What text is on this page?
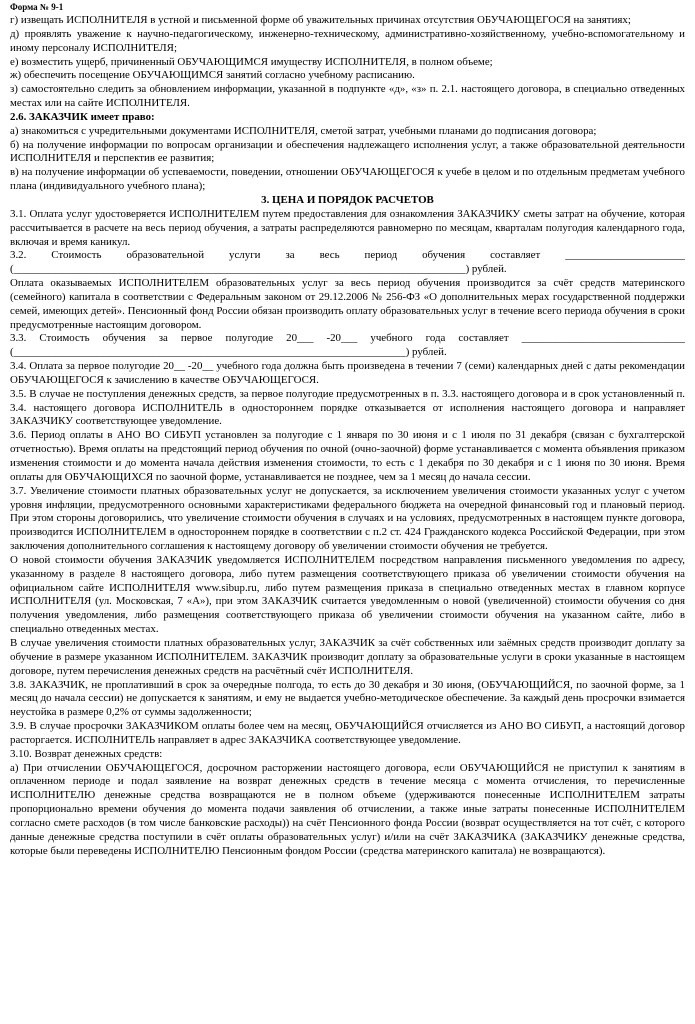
Форма № 9-1

г) извещать ИСПОЛНИТЕЛЯ в устной и письменной форме об уважительных причинах отсутствия ОБУЧАЮЩЕГОСЯ на занятиях;

д) проявлять уважение к научно-педагогическому, инженерно-техническому, административно-хозяйственному, учебно-вспомогательному и иному персоналу ИСПОЛНИТЕЛЯ;

е) возместить ущерб, причиненный ОБУЧАЮЩИМСЯ имуществу ИСПОЛНИТЕЛЯ, в полном объеме;

ж) обеспечить посещение ОБУЧАЮЩИМСЯ занятий согласно учебному расписанию.

з) самостоятельно следить за обновлением информации, указанной в подпункте «д», «з» п. 2.1. настоящего договора, в специально отведенных местах или на сайте ИСПОЛНИТЕЛЯ.

2.6. ЗАКАЗЧИК имеет право:

а) знакомиться с учредительными документами ИСПОЛНИТЕЛЯ, сметой затрат, учебными планами до подписания договора;

б) на получение информации по вопросам организации и обеспечения надлежащего исполнения услуг, а также образовательной деятельности ИСПОЛНИТЕЛЯ и перспектив ее развития;

в) на получение информации об успеваемости, поведении, отношении ОБУЧАЮЩЕГОСЯ к учебе в целом и по отдельным предметам учебного плана (индивидуального учебного плана);

3. ЦЕНА И ПОРЯДОК РАСЧЕТОВ

3.1. Оплата услуг удостоверяется ИСПОЛНИТЕЛЕМ путем предоставления для ознакомления ЗАКАЗЧИКУ сметы затрат на обучение, которая рассчитывается в расчете на весь период обучения, а затраты распределяются равномерно по месяцам, кварталам полугодия календарного года, включая и время каникул.

3.2. Стоимость образовательной услуги за весь период обучения составляет ______________________ (___________________________________________________________________________________) рублей.

Оплата оказываемых ИСПОЛНИТЕЛЕМ образовательных услуг за весь период обучения производится за счёт средств материнского (семейного) капитала в соответствии с Федеральным законом от 29.12.2006 № 256-ФЗ «О дополнительных мерах государственной поддержки семей, имеющих детей». Пенсионный фонд России обязан производить оплату образовательных услуг в течение всего периода обучения в сроки предусмотренные настоящим договором.

3.3. Стоимость обучения за первое полугодие 20___ -20___ учебного года составляет ______________________________ (________________________________________________________________________) рублей.

3.4. Оплата за первое полугодие 20__ -20__ учебного года должна быть произведена в течении 7 (семи) календарных дней с даты рекомендации ОБУЧАЮЩЕГОСЯ к зачислению в качестве ОБУЧАЮЩЕГОСЯ.

3.5. В случае не поступления денежных средств, за первое полугодие предусмотренных в п. 3.3. настоящего договора и в срок установленный п. 3.4. настоящего договора ИСПОЛНИТЕЛЬ в одностороннем порядке отказывается от исполнения настоящего договора и направляет ЗАКАЗЧИКУ соответствующее уведомление.

3.6. Период оплаты в АНО ВО СИБУП установлен за полугодие с 1 января по 30 июня и с 1 июля по 31 декабря (связан с бухгалтерской отчетностью). Время оплаты на предстоящий период обучения по очной (очно-заочной) форме устанавливается с момента объявления приказом изменения стоимости и до момента начала действия изменения стоимости, то есть с 1 декабря по 30 декабря и с 1 июня по 30 июня. Время оплаты для ОБУЧАЮЩИХСЯ по заочной форме, устанавливается не позднее, чем за 1 месяц до начала сессии.

3.7. Увеличение стоимости платных образовательных услуг не допускается, за исключением увеличения стоимости указанных услуг с учетом уровня инфляции, предусмотренного основными характеристиками федерального бюджета на очередной финансовый год и плановый период. При этом стороны договорились, что увеличение стоимости обучения в случаях и на условиях, предусмотренных в настоящем пункте договора, производится ИСПОЛНИТЕЛЕМ в одностороннем порядке в соответствии с п.2 ст. 424 Гражданского кодекса Российской Федерации, при этом заключения дополнительного соглашения к настоящему договору об увеличении стоимости обучения не требуется.

О новой стоимости обучения ЗАКАЗЧИК уведомляется ИСПОЛНИТЕЛЕМ посредством направления письменного уведомления по адресу, указанному в разделе 8 настоящего договора, либо путем размещения соответствующего приказа об увеличении стоимости обучения на официальном сайте ИСПОЛНИТЕЛЯ www.sibup.ru, либо путем размещения приказа в специально отведенных местах в главном корпусе ИСПОЛНИТЕЛЯ (ул. Московская, 7 «А»), при этом ЗАКАЗЧИК считается уведомленным о новой (увеличенной) стоимости обучения со дня получения уведомления, либо размещения соответствующего приказа об увеличении стоимости обучения на указанном сайте, либо в специально отведенных местах.

В случае увеличения стоимости платных образовательных услуг, ЗАКАЗЧИК за счёт собственных или заёмных средств производит доплату за обучение в размере указанном ИСПОЛНИТЕЛЕМ. ЗАКАЗЧИК производит доплату за образовательные услуги в сроки указанные в настоящем договоре, путем перечисления денежных средств на расчётный счёт ИСПОЛНИТЕЛЯ.

3.8. ЗАКАЗЧИК, не проплативший в срок за очередные полгода, то есть до 30 декабря и 30 июня, (ОБУЧАЮЩИЙСЯ, по заочной форме, за 1 месяц до начала сессии) не допускается к занятиям, и ему не выдается учебно-методическое обеспечение. За каждый день просрочки взимается неустойка в размере 0,2% от суммы задолженности;

3.9. В случае просрочки ЗАКАЗЧИКОМ оплаты более чем на месяц, ОБУЧАЮЩИЙСЯ отчисляется из АНО ВО СИБУП, а настоящий договор расторгается. ИСПОЛНИТЕЛЬ направляет в адрес ЗАКАЗЧИКА соответствующее уведомление.

3.10. Возврат денежных средств:

а) При отчислении ОБУЧАЮЩЕГОСЯ, досрочном расторжении настоящего договора, если ОБУЧАЮЩИЙСЯ не приступил к занятиям в оплаченном периоде и подал заявление на возврат денежных средств в течение месяца с момента отчисления, то перечисленные ИСПОЛНИТЕЛЮ денежные средства возвращаются не в полном объеме (удерживаются понесенные ИСПОЛНИТЕЛЕМ затраты пропорционально времени обучения до момента подачи заявления об отчислении, а также иные затраты понесенные ИСПОЛНИТЕЛЕМ согласно смете расходов (в том числе банковские расходы)) на счёт Пенсионного фонда России (возврат осуществляется на тот счёт, с которого данные денежные средства поступили в счёт оплаты образовательных услуг) и/или на счёт ЗАКАЗЧИКА (ЗАКАЗЧИКУ денежные средства, которые были переведены ИСПОЛНИТЕЛЮ Пенсионным фондом России (средства материнского капитала) не возвращаются).
